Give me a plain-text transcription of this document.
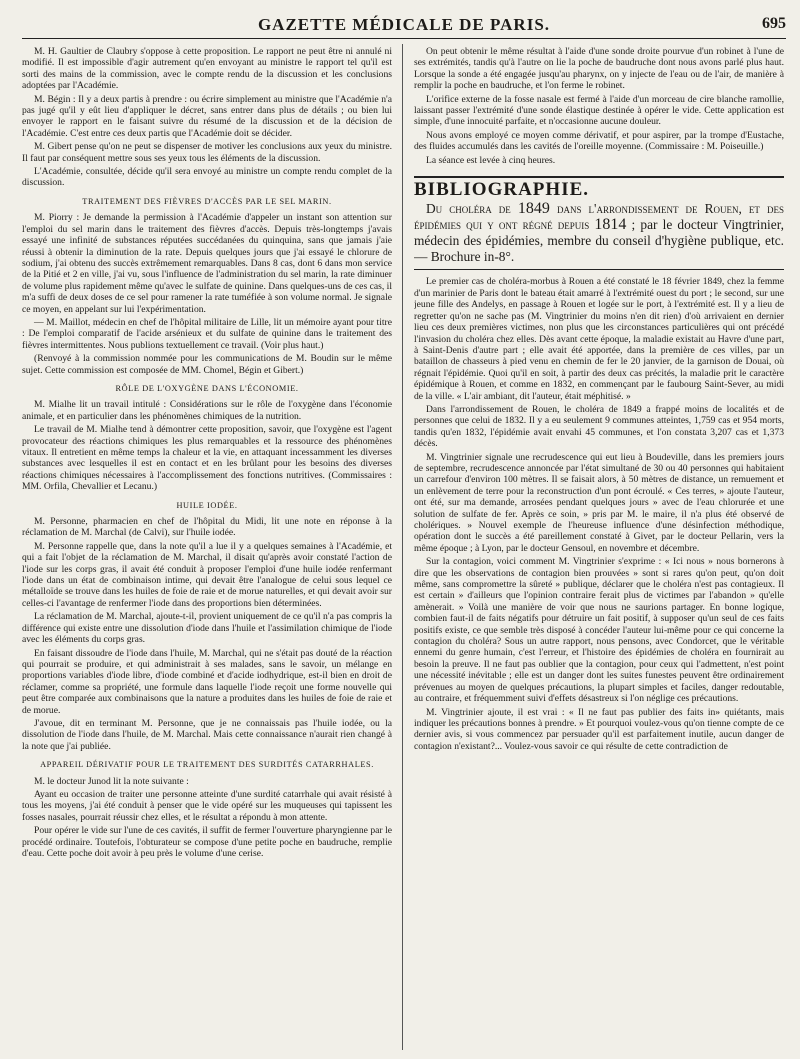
GAZETTE MÉDICALE DE PARIS.	695

M. H. Gaultier de Claubry s'oppose à cette proposition. Le rapport ne peut être ni annulé ni modifié. Il est impossible d'agir autrement qu'en envoyant au ministre le rapport tel qu'il est sorti des mains de la commission, avec le compte rendu de la discussion et les conclusions adoptées par l'Académie.

M. Bégin : Il y a deux partis à prendre : ou écrire simplement au ministre que l'Académie n'a pas jugé qu'il y eût lieu d'appliquer le décret, sans entrer dans plus de détails ; ou bien lui envoyer le rapport en le faisant suivre du résumé de la discussion et de la décision de l'Académie. C'est entre ces deux partis que l'Académie doit se décider.

M. Gibert pense qu'on ne peut se dispenser de motiver les conclusions aux yeux du ministre. Il faut par conséquent mettre sous ses yeux tous les éléments de la discussion.

L'Académie, consultée, décide qu'il sera envoyé au ministre un compte rendu complet de la discussion.

TRAITEMENT DES FIÈVRES D'ACCÈS PAR LE SEL MARIN.

M. Piorry : Je demande la permission à l'Académie d'appeler un instant son attention sur l'emploi du sel marin dans le traitement des fièvres d'accès. Depuis très-longtemps j'avais essayé une infinité de substances réputées succédanées du quinquina, sans que jamais j'aie réussi à obtenir la diminution de la rate. Depuis quelques jours que j'ai essayé le chlorure de sodium, j'ai obtenu des succès extrêmement remarquables. Dans 8 cas, dont 6 dans mon service de la Pitié et 2 en ville, j'ai vu, sous l'influence de l'administration du sel marin, la rate diminuer de volume plus rapidement même qu'avec le sulfate de quinine. Dans quelques-uns de ces cas, il m'a suffi de deux doses de ce sel pour ramener la rate tuméfiée à son volume normal. Je signale ce moyen, en appelant sur lui l'expérimentation.

— M. Maillot, médecin en chef de l'hôpital militaire de Lille, lit un mémoire ayant pour titre : De l'emploi comparatif de l'acide arsénieux et du sulfate de quinine dans le traitement des fièvres intermittentes. Nous publions textuellement ce travail. (Voir plus haut.)

(Renvoyé à la commission nommée pour les communications de M. Boudin sur le même sujet. Cette commission est composée de MM. Chomel, Bégin et Gibert.)

RÔLE DE L'OXYGÈNE DANS L'ÉCONOMIE.

M. Mialhe lit un travail intitulé : Considérations sur le rôle de l'oxygène dans l'économie animale, et en particulier dans les phénomènes chimiques de la nutrition.

Le travail de M. Mialhe tend à démontrer cette proposition, savoir, que l'oxygène est l'agent provocateur des réactions chimiques les plus remarquables et la ressource des phénomènes vitaux. Il entretient en même temps la chaleur et la vie, en attaquant incessamment les diverses substances avec lesquelles il est en contact et en les brûlant pour les besoins des diverses réactions chimiques nécessaires à l'accomplissement des fonctions nutritives. (Commissaires : MM. Orfila, Chevallier et Lecanu.)

HUILE IODÉE.

M. Personne, pharmacien en chef de l'hôpital du Midi, lit une note en réponse à la réclamation de M. Marchal (de Calvi), sur l'huile iodée.

M. Personne rappelle que, dans la note qu'il a lue il y a quelques semaines à l'Académie, et qui a fait l'objet de la réclamation de M. Marchal, il disait qu'après avoir constaté l'action de l'iode sur les corps gras, il avait été conduit à proposer l'emploi d'une huile iodée renfermant l'iode dans un état de combinaison intime, qui devait être l'analogue de celui sous lequel ce métalloïde se trouve dans les huiles de foie de raie et de morue naturelles, et qui devait avoir sur celles-ci l'avantage de renfermer l'iode dans des proportions bien déterminées.

La réclamation de M. Marchal, ajoute-t-il, provient uniquement de ce qu'il n'a pas compris la différence qui existe entre une dissolution d'iode dans l'huile et l'assimilation chimique de l'iode avec les éléments du corps gras.

En faisant dissoudre de l'iode dans l'huile, M. Marchal, qui ne s'était pas douté de la réaction qui pourrait se produire, et qui administrait à ses malades, sans le savoir, un mélange en proportions variables d'iode libre, d'iode combiné et d'acide iodhydrique, est-il bien en droit de réclamer, comme sa propriété, une formule dans laquelle l'iode reçoit une forme nouvelle qui peut être comparée aux combinaisons que la nature a produites dans les huiles de foie de raie et de morue.

J'avoue, dit en terminant M. Personne, que je ne connaissais pas l'huile iodée, ou la dissolution de l'iode dans l'huile, de M. Marchal. Mais cette connaissance n'aurait rien changé à la note que j'ai publiée.

APPAREIL DÉRIVATIF POUR LE TRAITEMENT DES SURDITÉS CATARRHALES.

M. le docteur Junod lit la note suivante :

Ayant eu occasion de traiter une personne atteinte d'une surdité catarrhale qui avait résisté à tous les moyens, j'ai été conduit à penser que le vide opéré sur les muqueuses qui tapissent les fosses nasales, pourrait réussir chez elles, et le résultat a répondu à mon attente.

Pour opérer le vide sur l'une de ces cavités, il suffit de fermer l'ouverture pharyngienne par le procédé ordinaire. Toutefois, l'obturateur se compose d'une petite poche en baudruche, remplie d'eau. Cette poche doit avoir à peu près le volume d'une cerise.

On peut obtenir le même résultat à l'aide d'une sonde droite pourvue d'un robinet à l'une de ses extrémités, tandis qu'à l'autre on lie la poche de baudruche dont nous avons parlé plus haut. Lorsque la sonde a été engagée jusqu'au pharynx, on y injecte de l'eau ou de l'air, de manière à remplir la poche en baudruche, et l'on ferme le robinet.

L'orifice externe de la fosse nasale est fermé à l'aide d'un morceau de cire blanche ramollie, laissant passer l'extrémité d'une sonde élastique destinée à opérer le vide. Cette application est simple, d'une innocuité parfaite, et n'occasionne aucune douleur.

Nous avons employé ce moyen comme dérivatif, et pour aspirer, par la trompe d'Eustache, des fluides accumulés dans les cavités de l'oreille moyenne. (Commissaire : M. Poiseuille.)

La séance est levée à cinq heures.

BIBLIOGRAPHIE.

Du choléra de 1849 dans l'arrondissement de Rouen, et des épidémies qui y ont régné depuis 1814 ; par le docteur Vingtrinier, médecin des épidémies, membre du conseil d'hygiène publique, etc. — Brochure in-8°.

Le premier cas de choléra-morbus à Rouen a été constaté le 18 février 1849, chez la femme d'un marinier de Paris dont le bateau était amarré à l'extrémité ouest du port ; le second, sur une jeune fille des Andelys, en passage à Rouen et logée sur le port, à l'extrémité est. Il y a lieu de regretter qu'on ne sache pas (M. Vingtrinier du moins n'en dit rien) d'où arrivaient en dernier lieu ces deux premières victimes, non plus que les circonstances particulières qui ont précédé l'invasion du choléra chez elles. Dès avant cette époque, la maladie existait au Havre d'une part, à Saint-Denis d'autre part ; elle avait été apportée, dans la première de ces villes, par un bataillon de chasseurs à pied venu en chemin de fer le 20 janvier, de la garnison de Douai, où régnait l'épidémie. Quoi qu'il en soit, à partir des deux cas précités, la maladie prit le caractère épidémique à Rouen, et comme en 1832, en commençant par le faubourg Saint-Sever, au midi de la ville. « L'air ambiant, dit l'auteur, était méphitisé. »

Dans l'arrondissement de Rouen, le choléra de 1849 a frappé moins de localités et de personnes que celui de 1832. Il y a eu seulement 9 communes atteintes, 1,759 cas et 954 morts, tandis qu'en 1832, l'épidémie avait envahi 45 communes, et l'on constata 3,207 cas et 1,373 décès.

M. Vingtrinier signale une recrudescence qui eut lieu à Boudeville, dans les premiers jours de septembre, recrudescence annoncée par l'état simultané de 30 ou 40 personnes qui habitaient un carrefour d'environ 100 mètres. Il se faisait alors, à 50 mètres de distance, un remuement et un enlèvement de terre pour la reconstruction d'un pont écroulé. « Ces terres, » ajoute l'auteur, ont été, sur ma demande, arrosées pendant quelques jours » avec de l'eau chlorurée et une solution de sulfate de fer. Après ce soin, » pris par M. le maire, il n'a plus été observé de cholériques. » Nouvel exemple de l'heureuse influence d'une désinfection méthodique, opération dont le succès a été pareillement constaté à Givet, par le docteur Pellarin, vers la même époque ; à Lyon, par le docteur Gensoul, en novembre et décembre.

Sur la contagion, voici comment M. Vingtrinier s'exprime : « Ici nous » nous bornerons à dire que les observations de contagion bien prouvées » sont si rares qu'on peut, qu'on doit même, sans compromettre la sûreté » publique, déclarer que le choléra n'est pas contagieux. Il est certain » d'ailleurs que l'opinion contraire ferait plus de victimes par l'abandon » qu'elle amènerait. » Voilà une manière de voir que nous ne saurions partager. En bonne logique, combien faut-il de faits négatifs pour détruire un fait positif, à supposer qu'un seul de ces faits positifs existe, ce que semble très disposé à concéder l'auteur lui-même pour ce qui concerne la contagion du choléra? Sous un autre rapport, nous pensons, avec Condorcet, que le véritable ennemi du genre humain, c'est l'erreur, et l'histoire des épidémies de choléra en fournirait au besoin la preuve. Il ne faut pas oublier que la contagion, pour ceux qui l'admettent, n'est point une nécessité inévitable ; elle est un danger dont les suites funestes peuvent être ordinairement prévenues au moyen de quelques précautions, la plupart simples et faciles, danger redoutable, au contraire, et fréquemment suivi d'effets désastreux si l'on néglige ces précautions.

M. Vingtrinier ajoute, il est vrai : « Il ne faut pas publier des faits in» quiétants, mais indiquer les précautions bonnes à prendre. » Et pourquoi voulez-vous qu'on tienne compte de ce dernier avis, si vous commencez par persuader qu'il est parfaitement inutile, aucun danger de contagion n'existant?... Voulez-vous savoir ce qui résulte de cette contradiction de
